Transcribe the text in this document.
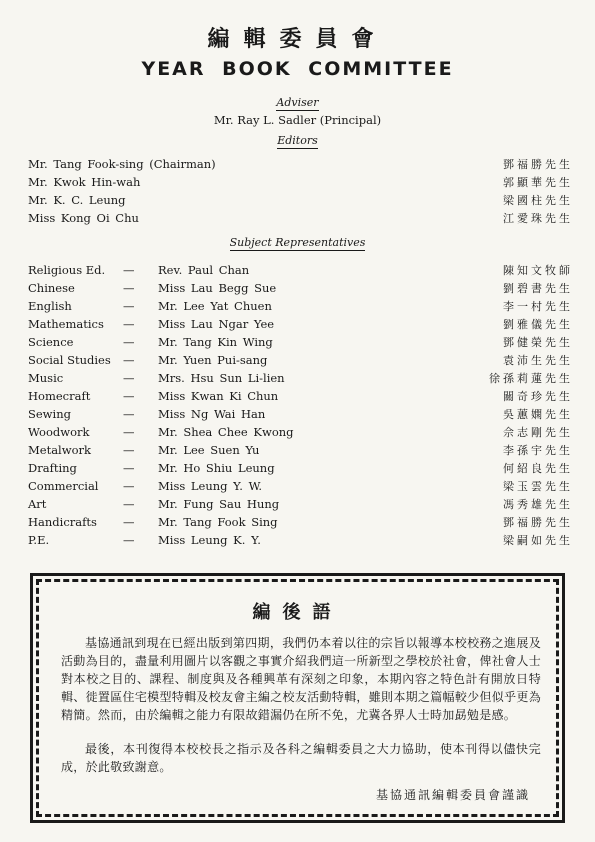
編輯委員會
YEAR BOOK COMMITTEE
Adviser
Mr. Ray L. Sadler (Principal)
Editors
Mr. Tang Fook-sing (Chairman)	鄧福勝先生
Mr. Kwok Hin-wah	郭顯華先生
Mr. K. C. Leung	梁國柱先生
Miss Kong Oi Chu	江愛珠先生
Subject Representatives
Religious Ed. — Rev. Paul Chan	陳知文牧師
Chinese	— Miss Lau Begg Sue	劉碧書先生
English	— Mr. Lee Yat Chuen	李一村先生
Mathematics — Miss Lau Ngar Yee	劉雅儀先生
Science	— Mr. Tang Kin Wing	鄧健榮先生
Social Studies — Mr. Yuen Pui-sang	袁沛生先生
Music	— Mrs. Hsu Sun Li-lien	徐孫莉蓮先生
Homecraft	— Miss Kwan Ki Chun	關奇珍先生
Sewing	— Miss Ng Wai Han	吳蕙嫻先生
Woodwork	— Mr. Shea Chee Kwong	佘志剛先生
Metalwork	— Mr. Lee Suen Yu	李孫宇先生
Drafting	— Mr. Ho Shiu Leung	何紹良先生
Commercial — Miss Leung Y. W.	梁玉雲先生
Art	— Mr. Fung Sau Hung	馮秀雄先生
Handicrafts — Mr. Tang Fook Sing	鄧福勝先生
P.E.	— Miss Leung K. Y.	梁嗣如先生
編後語
基協通訊到現在已經出版到第四期，我們仍本着以往的宗旨以報導本校校務之進展及活動為目的，盡量利用圖片以客觀之事實介紹我們這一所新型之學校於社會，俾社會人士對本校之目的、課程、制度與及各種興革有深刻之印象，本期內容之特色計有開放日特輯、徙置區住宅模型特輯及校友會主編之校友活動特輯，雖則本期之篇幅較少但似乎更為精簡。然而，由於編輯之能力有限故錯漏仍在所不免，尤冀各界人士時加勗勉是感。
最後，本刊復得本校校長之指示及各科之編輯委員之大力協助，使本刊得以儘快完成，於此敬致謝意。
基協通訊編輯委員會謹識
